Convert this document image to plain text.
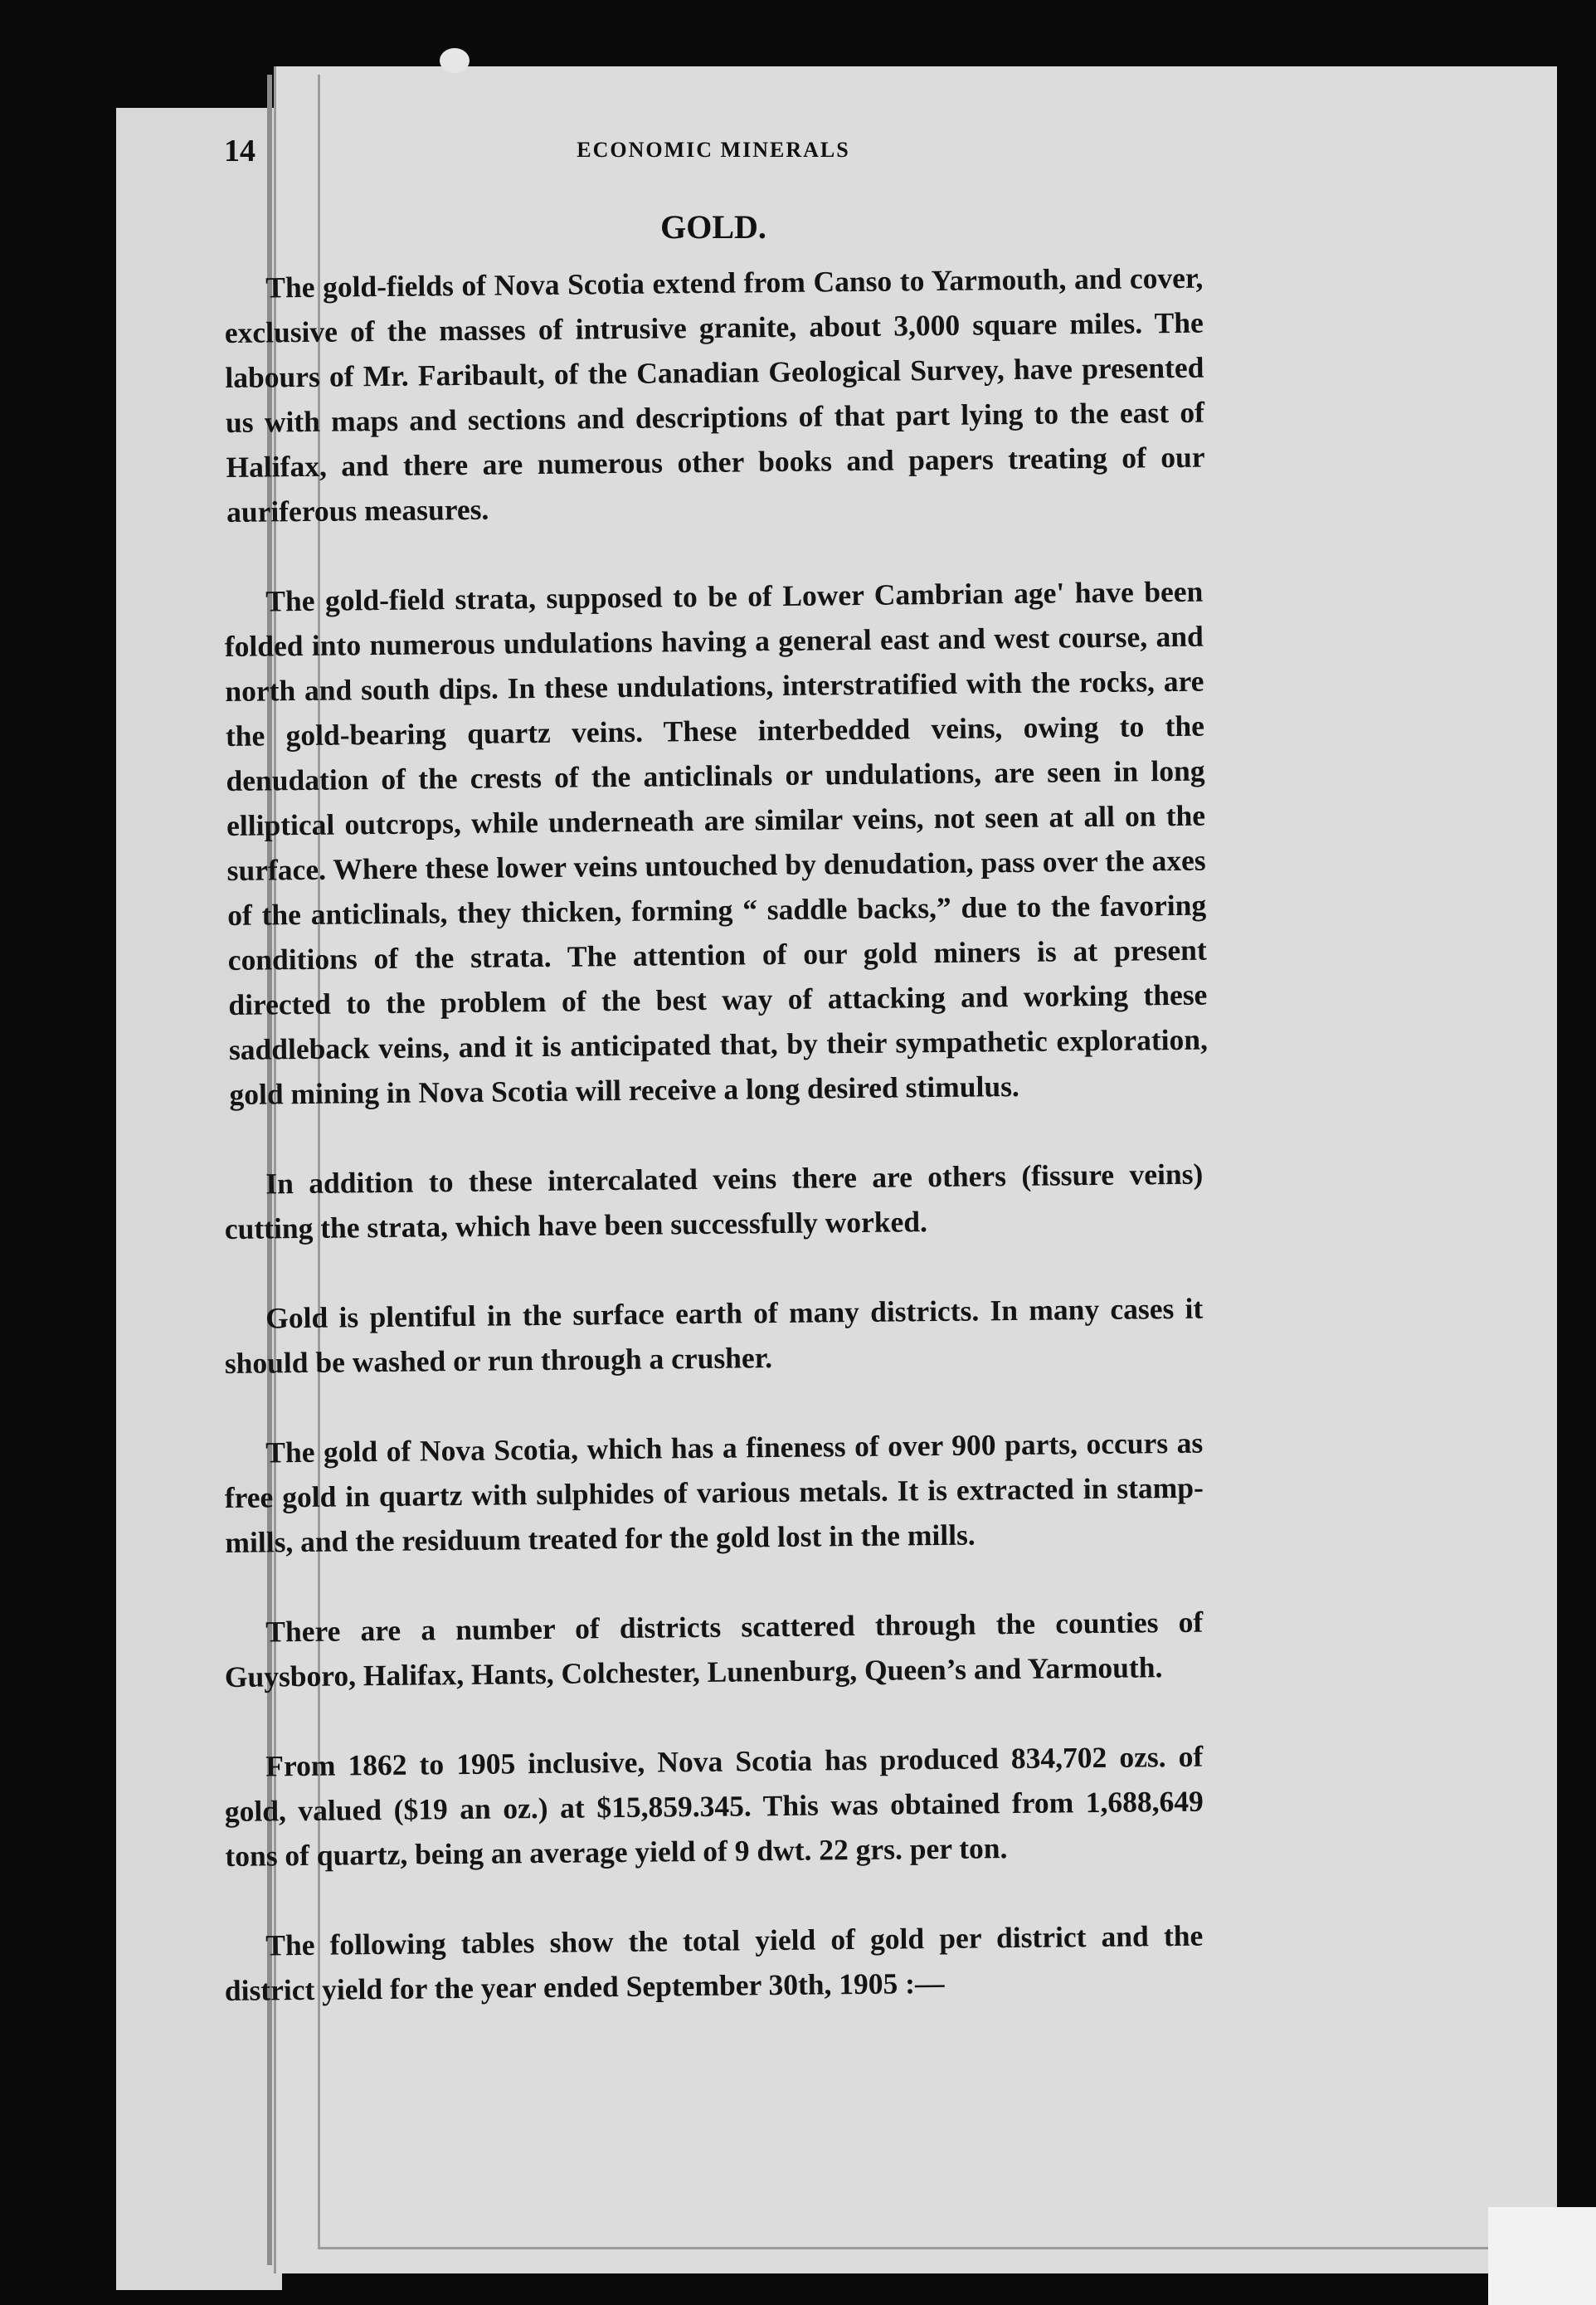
14	ECONOMIC MINERALS
GOLD.

The gold-fields of Nova Scotia extend from Canso to Yarmouth, and cover, exclusive of the masses of intrusive granite, about 3,000 square miles. The labours of Mr. Faribault, of the Canadian Geological Survey, have presented us with maps and sections and descriptions of that part lying to the east of Halifax, and there are numerous other books and papers treating of our auriferous measures.

The gold-field strata, supposed to be of Lower Cambrian age' have been folded into numerous undulations having a general east and west course, and north and south dips. In these undulations, interstratified with the rocks, are the gold-bearing quartz veins. These interbedded veins, owing to the denudation of the crests of the anticlinals or undulations, are seen in long elliptical outcrops, while underneath are similar veins, not seen at all on the surface. Where these lower veins untouched by denudation, pass over the axes of the anticlinals, they thicken, forming “ saddle backs,” due to the favoring conditions of the strata. The attention of our gold miners is at present directed to the problem of the best way of attacking and working these saddleback veins, and it is anticipated that, by their sympathetic exploration, gold mining in Nova Scotia will receive a long desired stimulus.

In addition to these intercalated veins there are others (fissure veins) cutting the strata, which have been successfully worked.

Gold is plentiful in the surface earth of many districts. In many cases it should be washed or run through a crusher.

The gold of Nova Scotia, which has a fineness of over 900 parts, occurs as free gold in quartz with sulphides of various metals. It is extracted in stamp-mills, and the residuum treated for the gold lost in the mills.

There are a number of districts scattered through the counties of Guysboro, Halifax, Hants, Colchester, Lunenburg, Queen’s and Yarmouth.

From 1862 to 1905 inclusive, Nova Scotia has produced 834,702 ozs. of gold, valued ($19 an oz.) at $15,859.345. This was obtained from 1,688,649 tons of quartz, being an average yield of 9 dwt. 22 grs. per ton.

The following tables show the total yield of gold per district and the district yield for the year ended September 30th, 1905 :—
